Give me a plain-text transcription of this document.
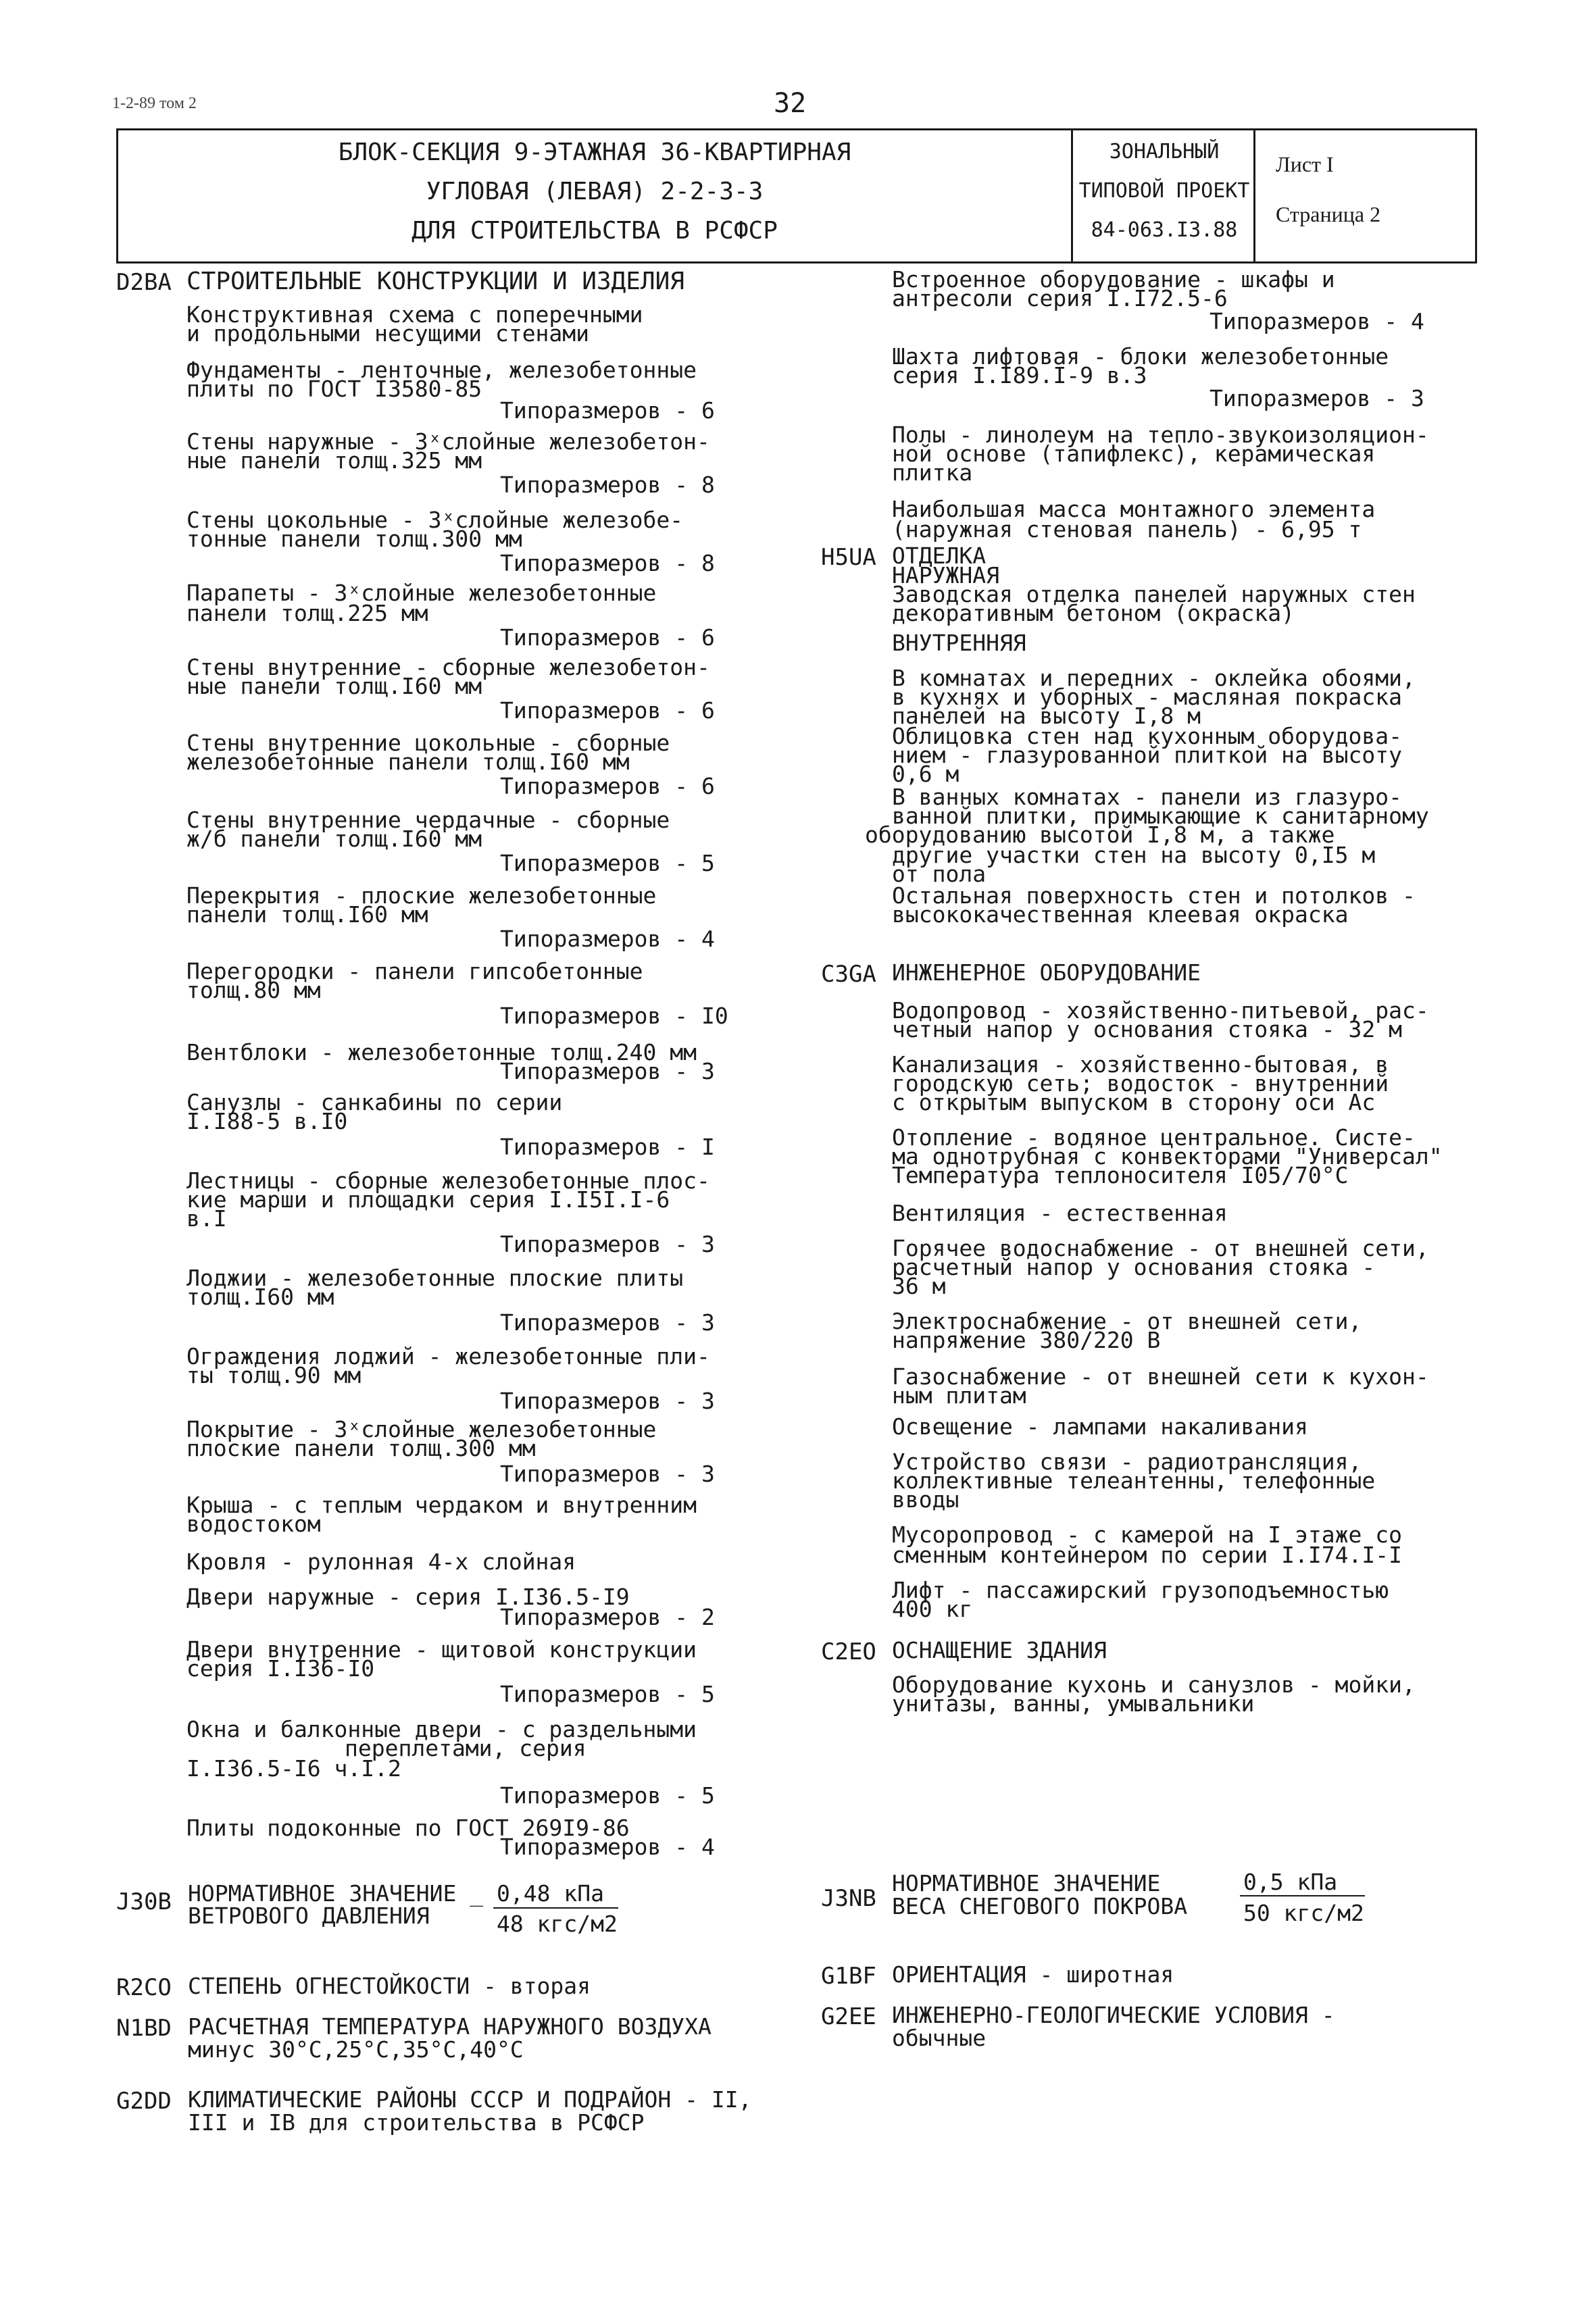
1-2-89 том 2	32
БЛОК-СЕКЦИЯ 9-ЭТАЖНАЯ 36-КВАРТИРНАЯ
УГЛОВАЯ (ЛЕВАЯ) 2-2-3-3
ДЛЯ СТРОИТЕЛЬСТВА В РСФСР
ЗОНАЛЬНЫЙ
ТИПОВОЙ ПРОЕКТ
84-063.I3.88
Лист I
Страница 2
D2BA СТРОИТЕЛЬНЫЕ КОНСТРУКЦИИ И ИЗДЕЛИЯ
Конструктивная схема с поперечными
и продольными несущими стенами
Фундаменты - ленточные, железобетонные
плиты по ГОСТ I3580-85
Типоразмеров - 6
Стены наружные - 3ˣслойные железобетон-
ные панели толщ.325 мм
Типоразмеров - 8
Стены цокольные - 3ˣслойные железобе-
тонные панели толщ.300 мм
Типоразмеров - 8
Парапеты - 3ˣслойные железобетонные
панели толщ.225 мм
Типоразмеров - 6
Стены внутренние - сборные железобетон-
ные панели толщ.I60 мм
Типоразмеров - 6
Стены внутренние цокольные - сборные
железобетонные панели толщ.I60 мм
Типоразмеров - 6
Стены внутренние чердачные - сборные
ж/б панели толщ.I60 мм
Типоразмеров - 5
Перекрытия - плоские железобетонные
панели толщ.I60 мм
Типоразмеров - 4
Перегородки - панели гипсобетонные
толщ.80 мм
Типоразмеров - I0
Вентблоки - железобетонные толщ.240 мм
Типоразмеров - 3
Санузлы - санкабины по серии
I.I88-5 в.I0
Типоразмеров - I
Лестницы - сборные железобетонные плос-
кие марши и площадки серия I.I5I.I-6
в.I
Типоразмеров - 3
Лоджии - железобетонные плоские плиты
толщ.I60 мм
Типоразмеров - 3
Ограждения лоджий - железобетонные пли-
ты толщ.90 мм
Типоразмеров - 3
Покрытие - 3ˣслойные железобетонные
плоские панели толщ.300 мм
Типоразмеров - 3
Крыша - с теплым чердаком и внутренним
водостоком
Кровля - рулонная 4-х слойная
Двери наружные - серия I.I36.5-I9
Типоразмеров - 2
Двери внутренние - щитовой конструкции
серия I.I36-I0
Типоразмеров - 5
Окна и балконные двери - с раздельными
переплетами, серия
I.I36.5-I6 ч.I.2
Типоразмеров - 5
Плиты подоконные по ГОСТ 269I9-86
Типоразмеров - 4
Встроенное оборудование - шкафы и
антресоли серия I.I72.5-6
Типоразмеров - 4
Шахта лифтовая - блоки железобетонные
серия I.I89.I-9 в.3
Типоразмеров - 3
Полы - линолеум на тепло-звукоизоляцион-
ной основе (тапифлекс), керамическая
плитка
Наибольшая масса монтажного элемента
(наружная стеновая панель) - 6,95 т
H5UA ОТДЕЛКА
НАРУЖНАЯ
Заводская отделка панелей наружных стен
декоративным бетоном (окраска)
ВНУТРЕННЯЯ
В комнатах и передних - оклейка обоями,
в кухнях и уборных - масляная покраска
панелей на высоту I,8 м
Облицовка стен над кухонным оборудова-
нием - глазурованной плиткой на высоту
0,6 м
В ванных комнатах - панели из глазуро-
ванной плитки, примыкающие к санитарному
оборудованию высотой I,8 м, а также
другие участки стен на высоту 0,I5 м
от пола
Остальная поверхность стен и потолков -
высококачественная клеевая окраска
C3GA ИНЖЕНЕРНОЕ ОБОРУДОВАНИЕ
Водопровод - хозяйственно-питьевой, рас-
четный напор у основания стояка - 32 м
Канализация - хозяйственно-бытовая, в
городскую сеть; водосток - внутренний
с открытым выпуском в сторону оси Ас
Отопление - водяное центральное. Систе-
ма однотрубная с конвекторами "Универсал"
Температура теплоносителя I05/70°С
Вентиляция - естественная
Горячее водоснабжение - от внешней сети,
расчетный напор у основания стояка -
36 м
Электроснабжение - от внешней сети,
напряжение 380/220 В
Газоснабжение - от внешней сети к кухон-
ным плитам
Освещение - лампами накаливания
Устройство связи - радиотрансляция,
коллективные телеантенны, телефонные
вводы
Мусоропровод - с камерой на I этаже со
сменным контейнером по серии I.I74.I-I
Лифт - пассажирский грузоподъемностью
400 кг
C2EO ОСНАЩЕНИЕ ЗДАНИЯ
Оборудование кухонь и санузлов - мойки,
унитазы, ванны, умывальники
J30B НОРМАТИВНОЕ ЗНАЧЕНИЕ _
ВЕТРОВОГО ДАВЛЕНИЯ
0,48 кПа
48 кгс/м2
J3NB
НОРМАТИВНОЕ ЗНАЧЕНИЕ
ВЕСА СНЕГОВОГО ПОКРОВА
0,5 кПа
50 кгс/м2
R2CO СТЕПЕНЬ ОГНЕСТОЙКОСТИ - вторая	G1BF ОРИЕНТАЦИЯ - широтная
N1BD РАСЧЕТНАЯ ТЕМПЕРАТУРА НАРУЖНОГО ВОЗДУХА
минус 30°С,25°С,35°С,40°С
G2EE ИНЖЕНЕРНО-ГЕОЛОГИЧЕСКИЕ УСЛОВИЯ -
обычные
G2DD КЛИМАТИЧЕСКИЕ РАЙОНЫ СССР И ПОДРАЙОН - II,
III и IВ для строительства в РСФСР
